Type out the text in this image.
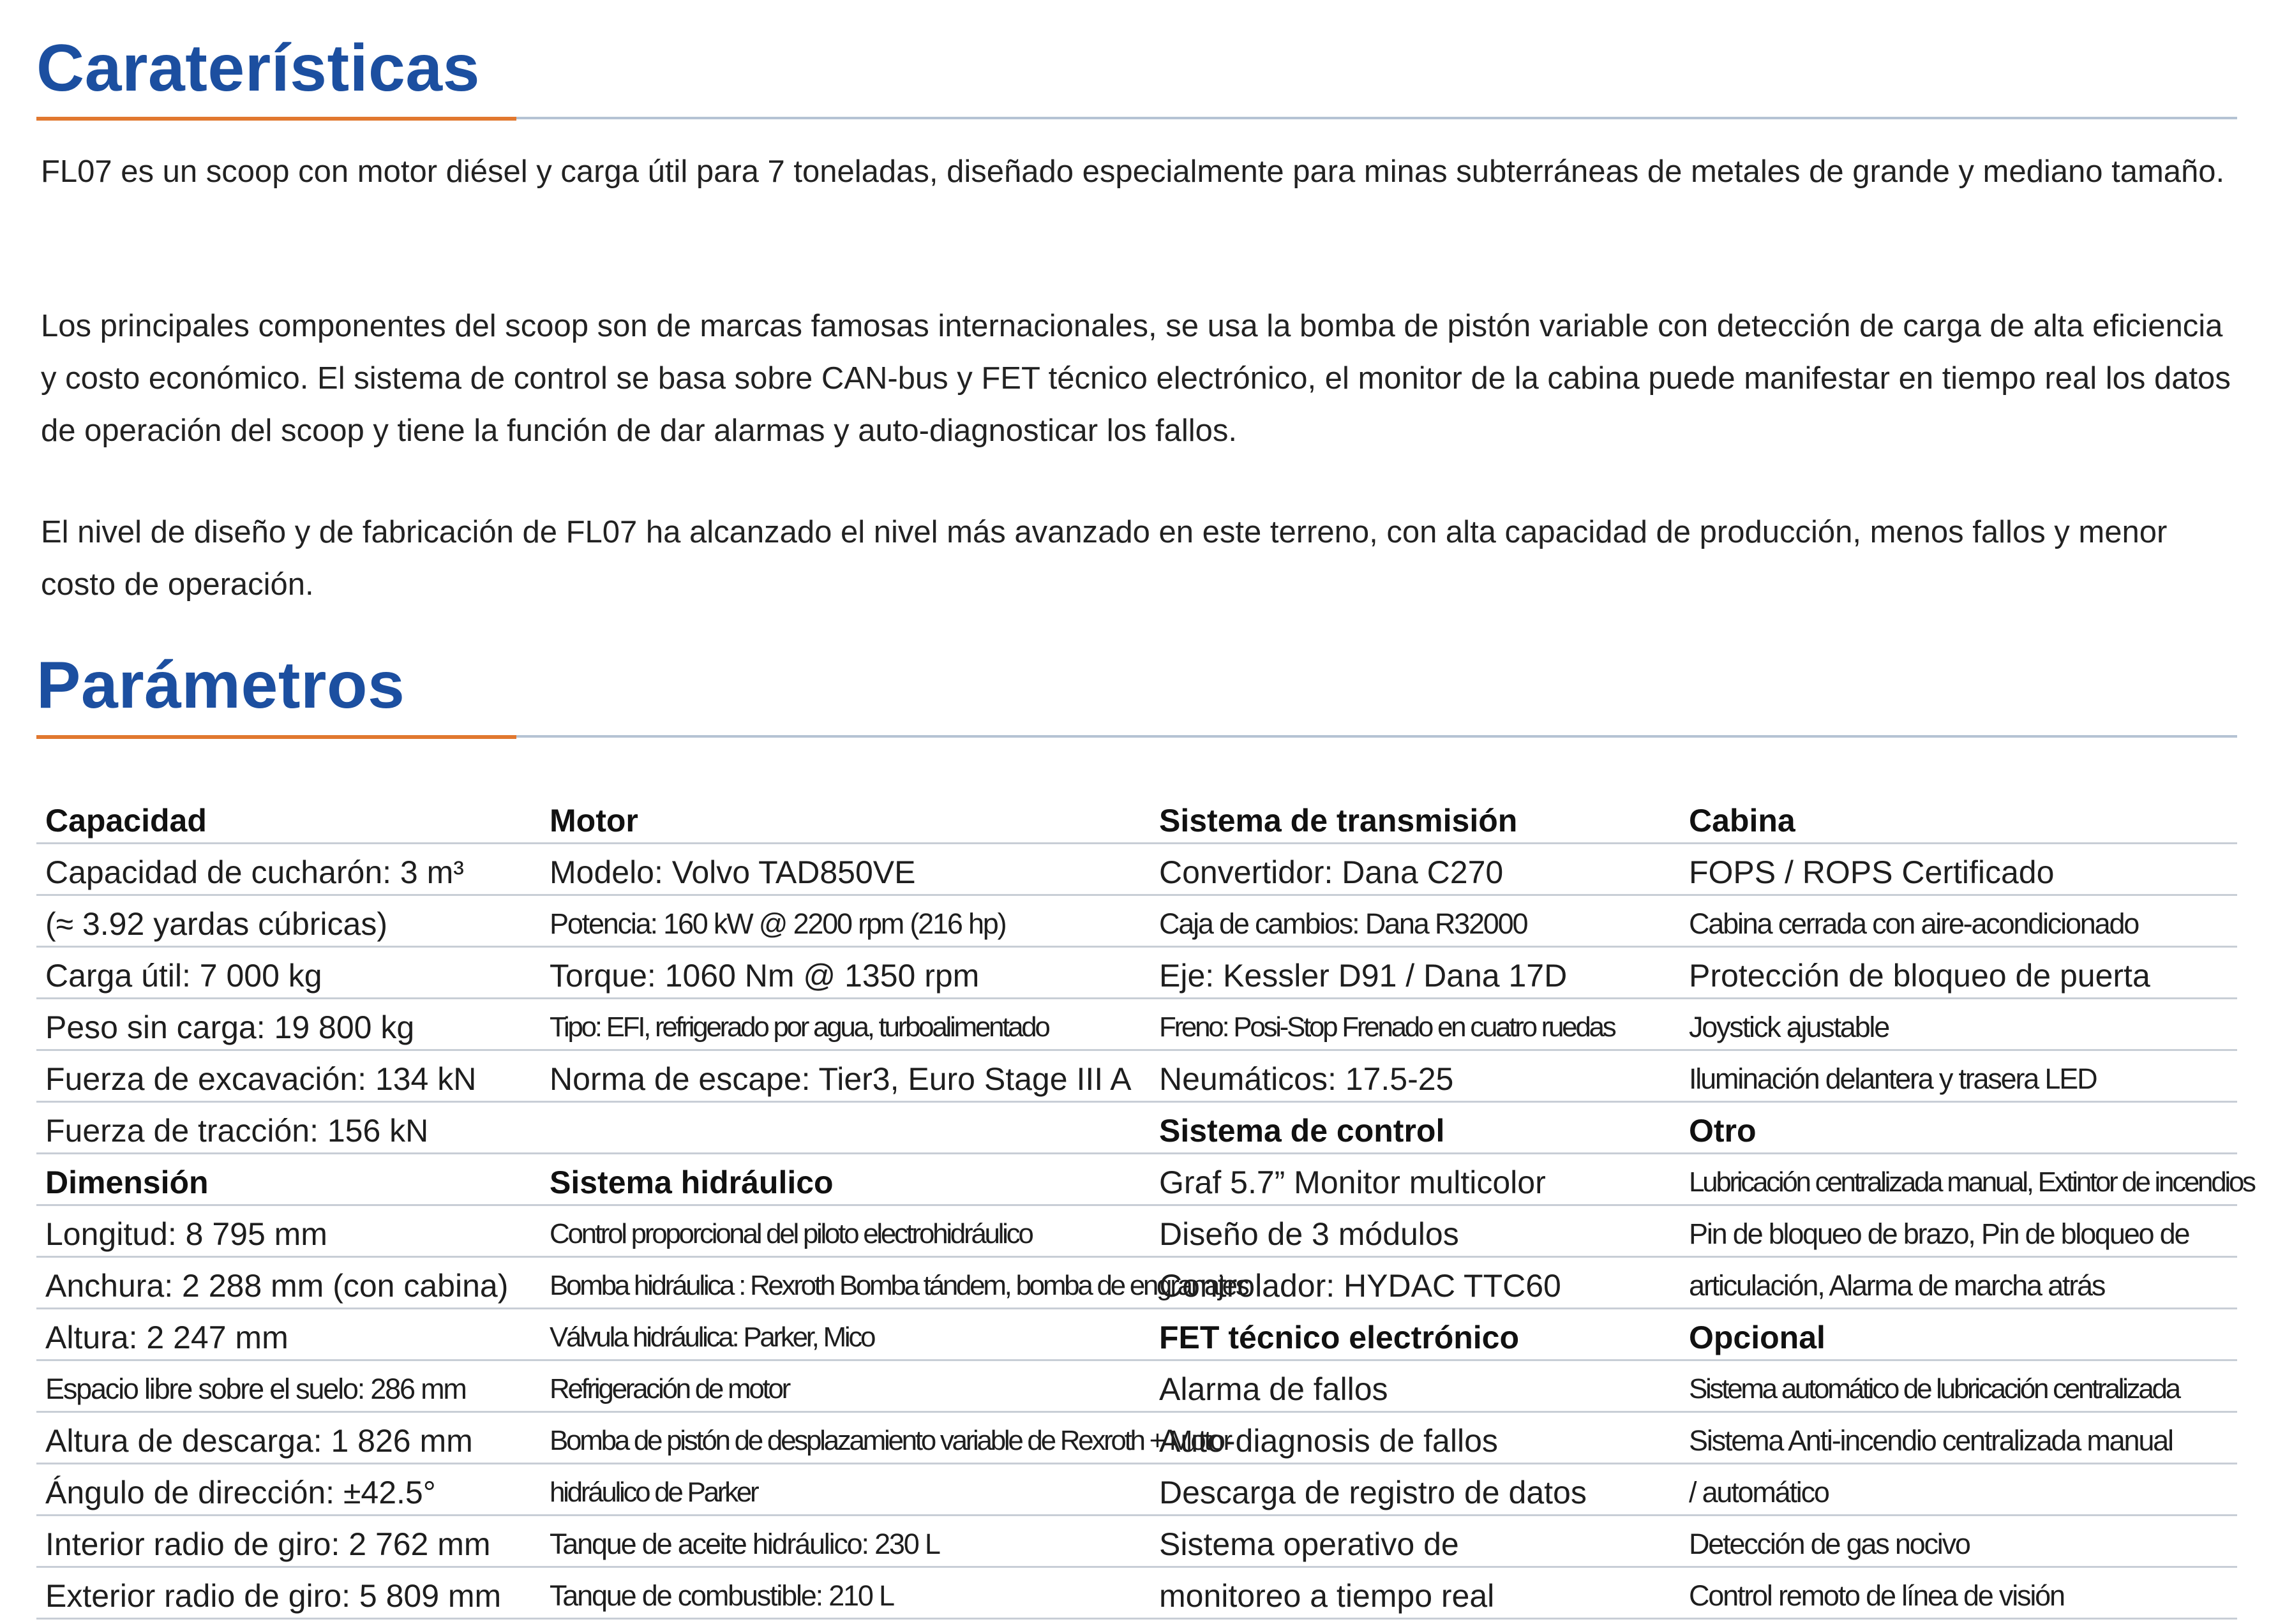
Caraterísticas

FL07 es un scoop con motor diésel y carga útil para 7 toneladas, diseñado especialmente para minas subterráneas de metales de grande y mediano tamaño.

Los principales componentes del scoop son de marcas famosas internacionales, se usa la bomba de pistón variable con detección de carga de alta eficiencia y costo económico. El sistema de control se basa sobre CAN-bus y FET técnico electrónico, el monitor de la cabina puede manifestar en tiempo real los datos de operación del scoop y tiene la función de dar alarmas y auto-diagnosticar los fallos.

El nivel de diseño y de fabricación de FL07 ha alcanzado el nivel más avanzado en este terreno, con alta capacidad de producción, menos fallos y menor costo de operación.

Parámetros
Capacidad
Capacidad de cucharón: 3 m³
(≈ 3.92 yardas cúbricas)
Carga útil: 7 000 kg
Peso sin carga: 19 800 kg
Fuerza de excavación: 134 kN
Fuerza de tracción: 156 kN
Dimensión
Longitud: 8 795 mm
Anchura: 2 288 mm (con cabina)
Altura: 2 247 mm
Espacio libre sobre el suelo: 286 mm
Altura de descarga: 1 826 mm
Ángulo de dirección: ±42.5°
Interior radio de giro: 2 762 mm
Exterior radio de giro: 5 809 mm
Motor
Modelo: Volvo TAD850VE
Potencia: 160 kW @ 2200 rpm (216 hp)
Torque: 1060 Nm @ 1350 rpm
Tipo: EFI, refrigerado por agua, turboalimentado
Norma de escape: Tier3, Euro Stage III A
Sistema hidráulico
Control proporcional del piloto electrohidráulico
Bomba hidráulica : Rexroth Bomba tándem, bomba de engranajes
Válvula hidráulica: Parker, Mico
Refrigeración de motor
Bomba de pistón de desplazamiento variable de Rexroth + Motor
hidráulico de Parker
Tanque de aceite hidráulico: 230 L
Tanque de combustible: 210 L
Sistema de transmisión
Convertidor: Dana C270
Caja de cambios: Dana R32000
Eje: Kessler D91 / Dana 17D
Freno: Posi-Stop Frenado en cuatro ruedas
Neumáticos: 17.5-25
Sistema de control
Graf 5.7” Monitor multicolor
Diseño de 3 módulos
Controlador: HYDAC TTC60
FET técnico electrónico
Alarma de fallos
Auto-diagnosis de fallos
Descarga de registro de datos
Sistema operativo de
monitoreo a tiempo real
Cabina
FOPS / ROPS Certificado
Cabina cerrada con aire-acondicionado
Protección de bloqueo de puerta
Joystick ajustable
Iluminación delantera y trasera LED
Otro
Lubricación centralizada manual, Extintor de incendios
Pin de bloqueo de brazo, Pin de bloqueo de
articulación, Alarma de marcha atrás
Opcional
Sistema automático de lubricación centralizada
Sistema Anti-incendio centralizada manual
/ automático
Detección de gas nocivo
Control remoto de línea de visión
